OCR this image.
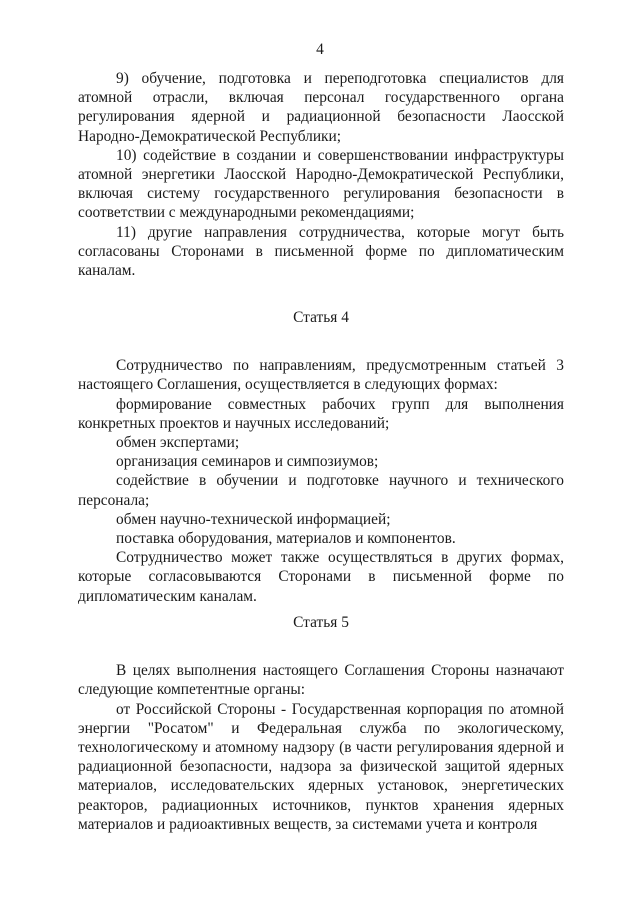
4

9) обучение, подготовка и переподготовка специалистов для атомной отрасли, включая персонал государственного органа регулирования ядерной и радиационной безопасности Лаосской Народно-Демократической Республики;

10) содействие в создании и совершенствовании инфраструктуры атомной энергетики Лаосской Народно-Демократической Республики, включая систему государственного регулирования безопасности в соответствии с международными рекомендациями;

11) другие направления сотрудничества, которые могут быть согласованы Сторонами в письменной форме по дипломатическим каналам.

Статья 4

Сотрудничество по направлениям, предусмотренным статьей 3 настоящего Соглашения, осуществляется в следующих формах:

формирование совместных рабочих групп для выполнения конкретных проектов и научных исследований;

обмен экспертами;

организация семинаров и симпозиумов;

содействие в обучении и подготовке научного и технического персонала;

обмен научно-технической информацией;

поставка оборудования, материалов и компонентов.

Сотрудничество может также осуществляться в других формах, которые согласовываются Сторонами в письменной форме по дипломатическим каналам.

Статья 5

В целях выполнения настоящего Соглашения Стороны назначают следующие компетентные органы:

от Российской Стороны - Государственная корпорация по атомной энергии "Росатом" и Федеральная служба по экологическому, технологическому и атомному надзору (в части регулирования ядерной и радиационной безопасности, надзора за физической защитой ядерных материалов, исследовательских ядерных установок, энергетических реакторов, радиационных источников, пунктов хранения ядерных материалов и радиоактивных веществ, за системами учета и контроля
